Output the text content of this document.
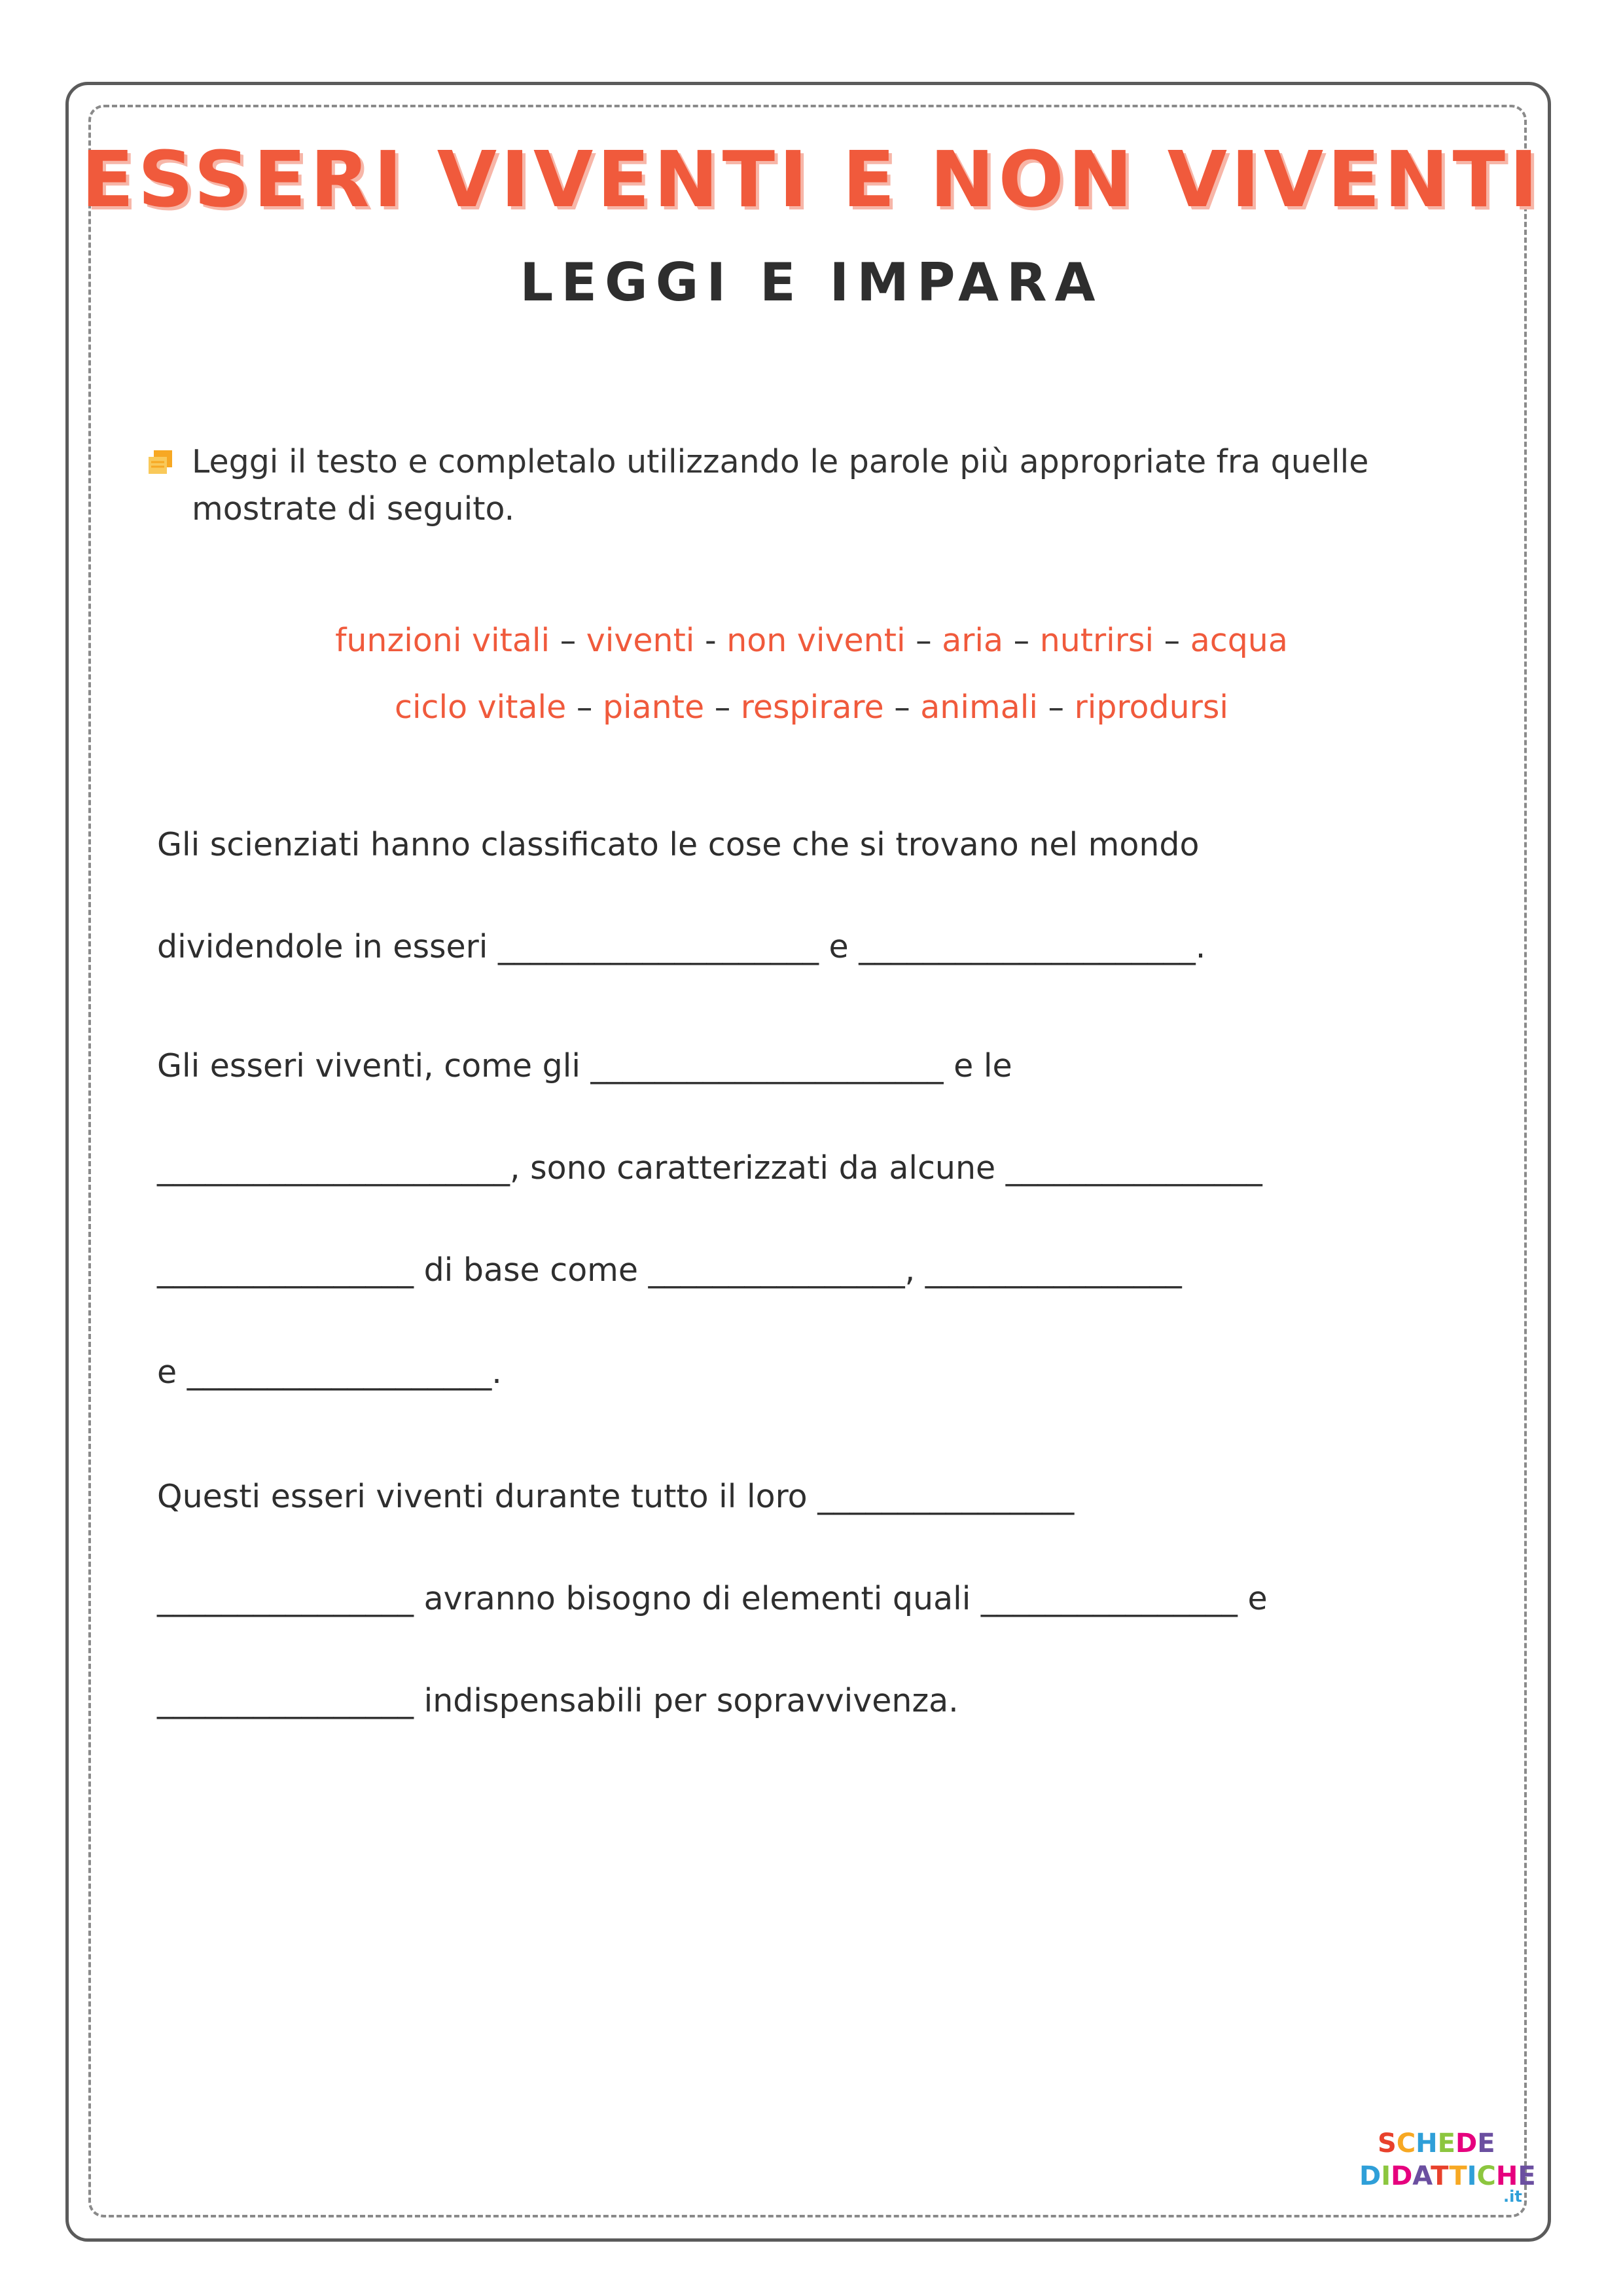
ESSERI VIVENTI E NON VIVENTI
LEGGI E IMPARA
Leggi il testo e completalo utilizzando le parole più appropriate fra quelle mostrate di seguito.
funzioni vitali – viventi - non viventi – aria – nutrirsi – acqua
ciclo vitale – piante – respirare – animali – riprodursi
Gli scienziati hanno classificato le cose che si trovano nel mondo
dividendole in esseri ____________________ e _____________________.
Gli esseri viventi, come gli ______________________ e le
______________________, sono caratterizzati da alcune ________________
________________ di base come ________________, ________________
e ___________________.
Questi esseri viventi durante tutto il loro ________________
________________ avranno bisogno di elementi quali ________________ e
________________ indispensabili per sopravvivenza.
SCHEDE
DIDATTICHE
.it
